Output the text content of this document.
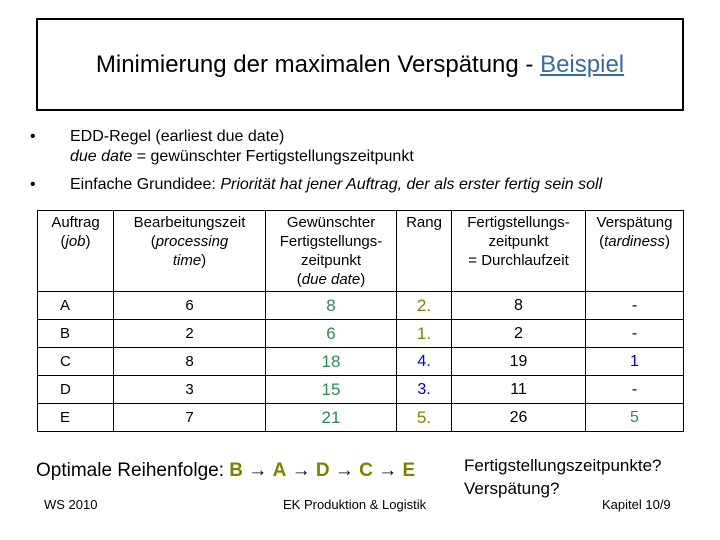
Minimierung der maximalen Verspätung -
Beispiel
• EDD-Regel (earliest due date)
due date = gewünschter Fertigstellungszeitpunkt
• Einfache Grundidee: Priorität hat jener Auftrag, der als erster fertig sein soll
Auftrag
(job)	Bearbeitungszeit
(processing
time)	Gewünschter
Fertigstellungs-
zeitpunkt
(due date)	Rang	Fertigstellungs-
zeitpunkt
= Durchlaufzeit	Verspätung
(tardiness)
A	6	8	2.	8	-
B	2	6	1.	2	-
C	8	18	4.	19	1
D	3	15	3.	11	-
E	7	21	5.	26	5
Optimale Reihenfolge: B → A → D → C → E	Fertigstellungszeitpunkte?
Verspätung?
WS 2010	EK Produktion & Logistik	Kapitel 10/9
